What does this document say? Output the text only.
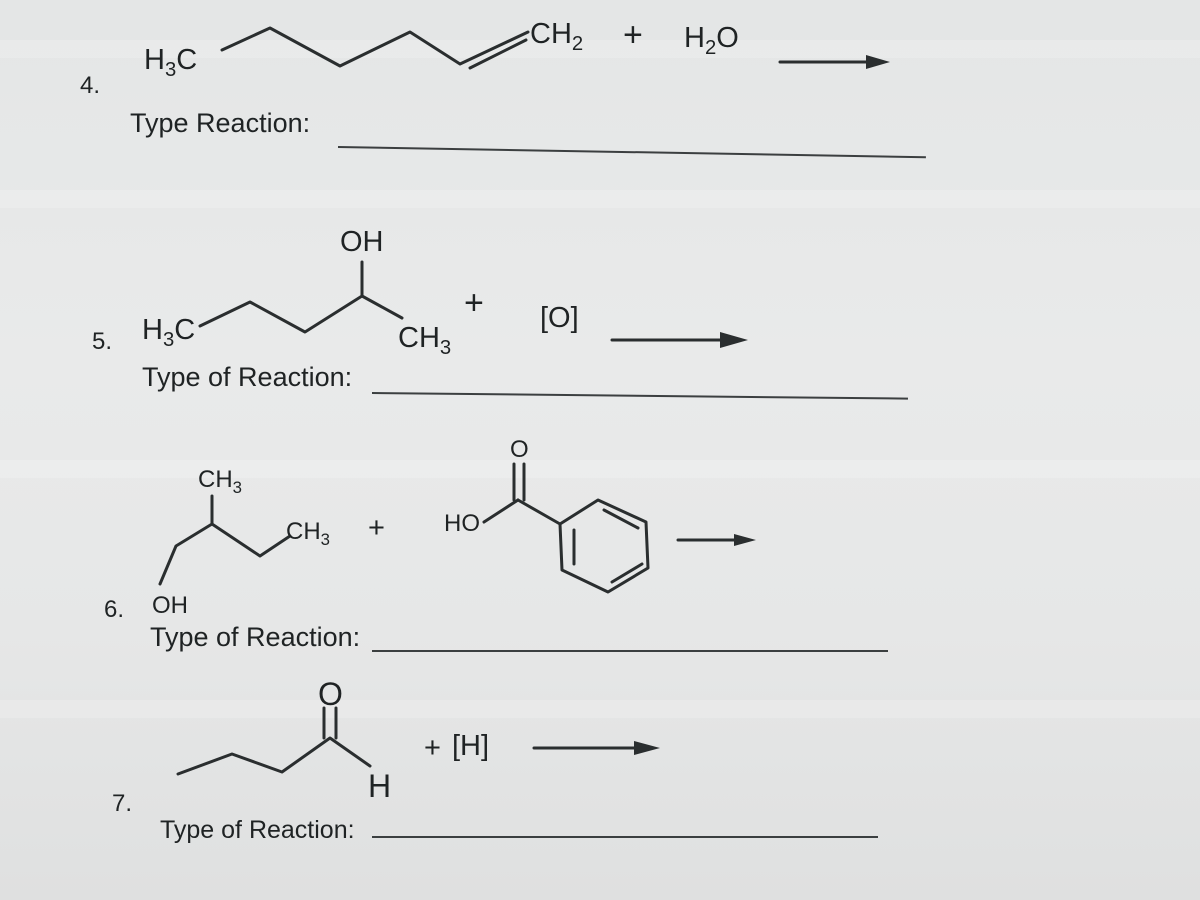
4.
$H_3C$
$CH_2 + H_2O$
Type Reaction:
OH
5. $H_3C$	$CH_3$
+ [O]
Type of Reaction:
$CH_3$
$CH_3$ + HO
O
6. OH
Type of Reaction:
O
H
+ [H]
7.
Type of Reaction:
